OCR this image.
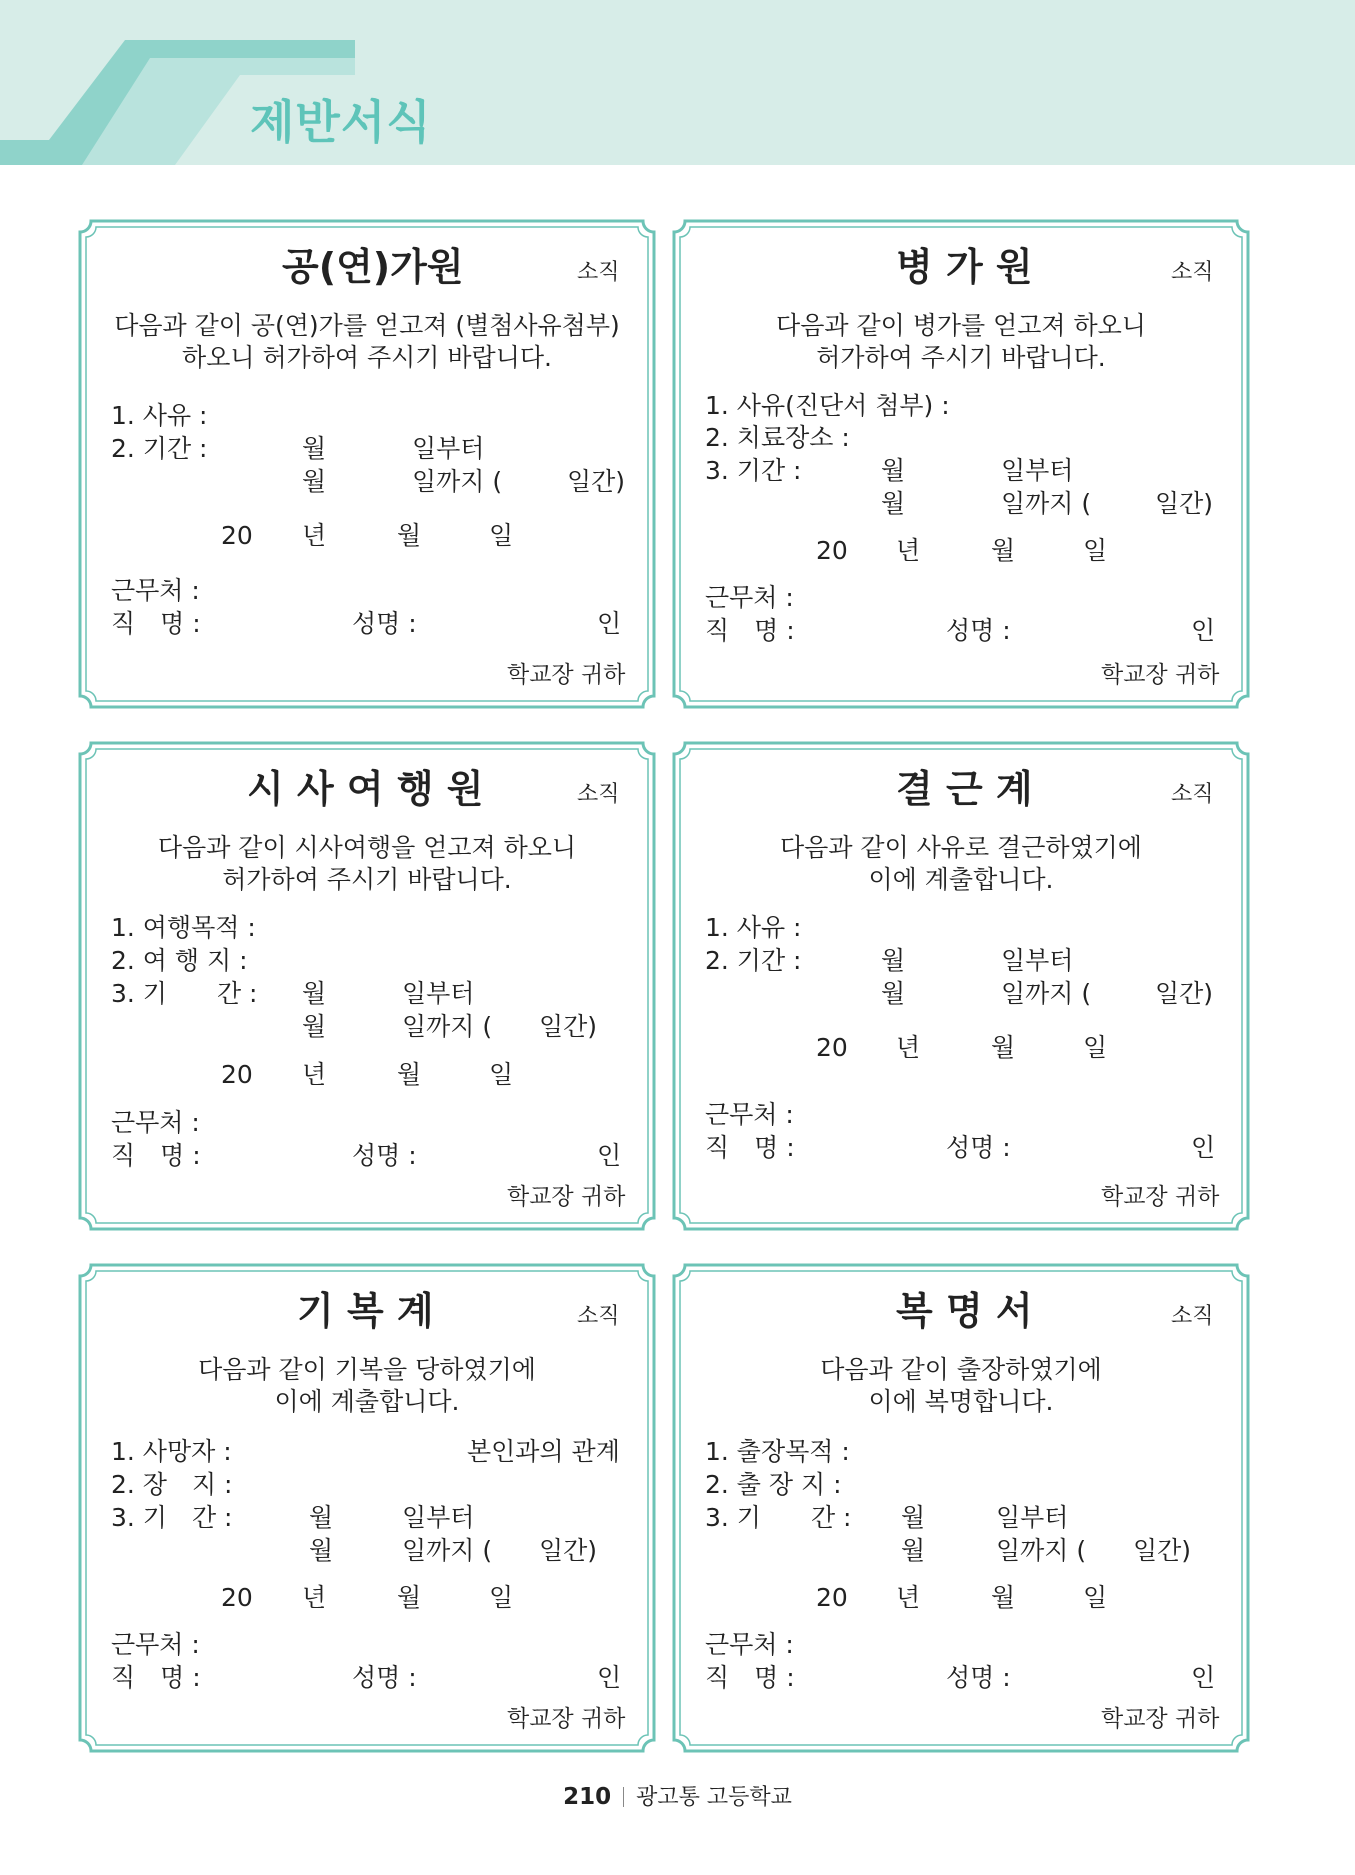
제반서식
공(연)가원	소직
다음과 같이 공(연)가를 얻고져 (별첨사유첨부)
하오니 허가하여 주시기 바랍니다.
1. 사유 :
2. 기간 :	월	일부터
월	일까지 (	일간)
20 년	월	일
근무처 :
직　명 :	성명 :	인
학교장 귀하
병 가 원	소직
다음과 같이 병가를 얻고져 하오니
허가하여 주시기 바랍니다.
1. 사유(진단서 첨부) :
2. 치료장소 :
3. 기간 :	월	일부터
월	일까지 (	일간)
20 년	월	일
근무처 :
직　명 :	성명 :	인
학교장 귀하
시 사 여 행 원	소직
다음과 같이 시사여행을 얻고져 하오니
허가하여 주시기 바랍니다.
1. 여행목적 :
2. 여 행 지 :
3. 기　　간 : 월	일부터
월	일까지 ( 일간)
20 년	월	일
근무처 :
직　명 :	성명 :	인
학교장 귀하
결 근 계	소직
다음과 같이 사유로 결근하였기에
이에 계출합니다.
1. 사유 :
2. 기간 :	월	일부터
월	일까지 (	일간)
20 년	월	일
근무처 :
직　명 :	성명 :	인
학교장 귀하
기 복 계	소직
다음과 같이 기복을 당하였기에
이에 계출합니다.
1. 사망자 :	본인과의 관계
2. 장　지 :
3. 기　간 :	월	일부터
월	일까지 ( 일간)
20 년	월	일
근무처 :
직　명 :	성명 :	인
학교장 귀하
복 명 서	소직
다음과 같이 출장하였기에
이에 복명합니다.
1. 출장목적 :
2. 출 장 지 :
3. 기　　간 : 월	일부터
월	일까지 ( 일간)
20 년	월	일
근무처 :
직　명 :	성명 :	인
학교장 귀하
210 광고통 고등학교
